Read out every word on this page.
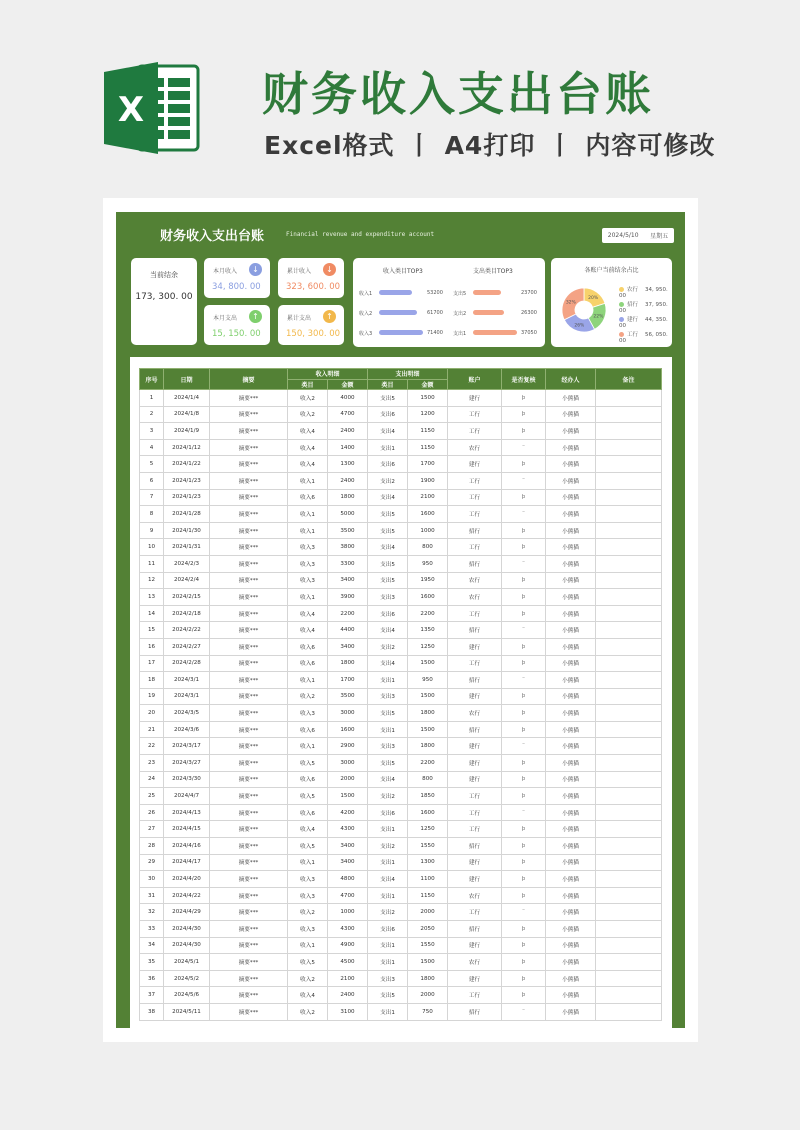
X	财务收入支出台账
Excel格式 丨 A4打印 丨 内容可修改
财务收入支出台账	Financial revenue and expenditure account	2024/5/10 星期五
当前结余
173, 300. 00
本月收入
34, 800. 00
↓	累计收入
323, 600. 00
↓
本月支出
15, 150. 00
↑	累计支出
150, 300. 00
↑
收入类目TOP3	支出类目TOP3
收入1	53200
收入2	61700
收入3	71400
支出5	23700
支出2	26300
支出1	37050
各账户当前结余占比
20%
22%
26%
32%
农行 34, 950. 00
招行 37, 950. 00
建行 44, 350. 00
工行 56, 050. 00
序号	日期	摘要	收入明细		支出明细		账户	是否复核	经办人	备注
			类目	金额	类目	金额				
1	2024/1/4	摘要***	收入2	4000	支出5	1500	建行	þ	小熊猫	
2	2024/1/8	摘要***	收入2	4700	支出6	1200	工行	þ	小熊猫	
3	2024/1/9	摘要***	收入4	2400	支出4	1150	工行	þ	小熊猫	
4	2024/1/12	摘要***	收入4	1400	支出1	1150	农行	¨	小熊猫	
5	2024/1/22	摘要***	收入4	1300	支出6	1700	建行	þ	小熊猫	
6	2024/1/23	摘要***	收入1	2400	支出2	1900	工行	¨	小熊猫	
7	2024/1/23	摘要***	收入6	1800	支出4	2100	工行	þ	小熊猫	
8	2024/1/28	摘要***	收入1	5000	支出5	1600	工行	¨	小熊猫	
9	2024/1/30	摘要***	收入1	3500	支出5	1000	招行	þ	小熊猫	
10	2024/1/31	摘要***	收入3	3800	支出4	800	工行	þ	小熊猫	
11	2024/2/3	摘要***	收入3	3300	支出5	950	招行	¨	小熊猫	
12	2024/2/4	摘要***	收入3	3400	支出5	1950	农行	þ	小熊猫	
13	2024/2/15	摘要***	收入1	3900	支出3	1600	农行	þ	小熊猫	
14	2024/2/18	摘要***	收入4	2200	支出6	2200	工行	þ	小熊猫	
15	2024/2/22	摘要***	收入4	4400	支出4	1350	招行	¨	小熊猫	
16	2024/2/27	摘要***	收入6	3400	支出2	1250	建行	þ	小熊猫	
17	2024/2/28	摘要***	收入6	1800	支出4	1500	工行	þ	小熊猫	
18	2024/3/1	摘要***	收入1	1700	支出1	950	招行	¨	小熊猫	
19	2024/3/1	摘要***	收入2	3500	支出3	1500	建行	þ	小熊猫	
20	2024/3/5	摘要***	收入3	3000	支出5	1800	农行	þ	小熊猫	
21	2024/3/6	摘要***	收入6	1600	支出1	1500	招行	þ	小熊猫	
22	2024/3/17	摘要***	收入1	2900	支出3	1800	建行	¨	小熊猫	
23	2024/3/27	摘要***	收入5	3000	支出5	2200	建行	þ	小熊猫	
24	2024/3/30	摘要***	收入6	2000	支出4	800	建行	þ	小熊猫	
25	2024/4/7	摘要***	收入5	1500	支出2	1850	工行	þ	小熊猫	
26	2024/4/13	摘要***	收入6	4200	支出6	1600	工行	¨	小熊猫	
27	2024/4/15	摘要***	收入4	4300	支出1	1250	工行	þ	小熊猫	
28	2024/4/16	摘要***	收入5	3400	支出2	1550	招行	þ	小熊猫	
29	2024/4/17	摘要***	收入1	3400	支出1	1300	建行	þ	小熊猫	
30	2024/4/20	摘要***	收入3	4800	支出4	1100	建行	þ	小熊猫	
31	2024/4/22	摘要***	收入3	4700	支出1	1150	农行	þ	小熊猫	
32	2024/4/29	摘要***	收入2	1000	支出2	2000	工行	¨	小熊猫	
33	2024/4/30	摘要***	收入3	4300	支出6	2050	招行	þ	小熊猫	
34	2024/4/30	摘要***	收入1	4900	支出1	1550	建行	þ	小熊猫	
35	2024/5/1	摘要***	收入5	4500	支出1	1500	农行	þ	小熊猫	
36	2024/5/2	摘要***	收入2	2100	支出3	1800	建行	þ	小熊猫	
37	2024/5/6	摘要***	收入4	2400	支出5	2000	工行	þ	小熊猫	
38	2024/5/11	摘要***	收入2	3100	支出1	750	招行	¨	小熊猫	
